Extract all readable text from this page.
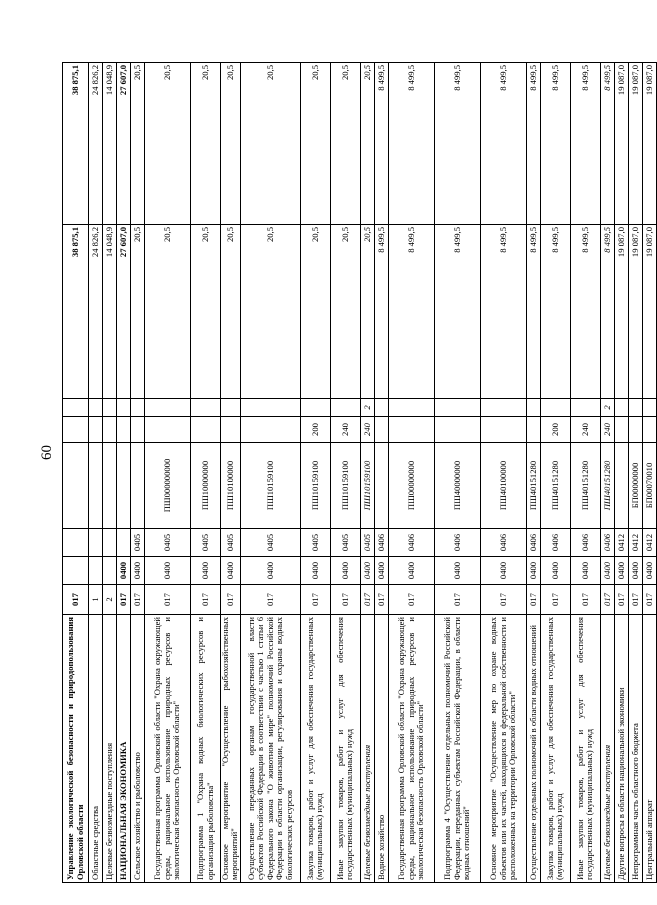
60
Управление экологической безопасности и природопользования Орловской области	017						38 875,1	38 875,1
Областные средства	1						24 826,2	24 826,2
Целевые безвозмездные поступления	2						14 048,9	14 048,9
НАЦИОНАЛЬНАЯ ЭКОНОМИКА	017	0400					27 607,0	27 607,0
Сельское хозяйство и рыболовство	017	0400	0405				20,5	20,5
Государственная программа Орловской области "Охрана окружающей среды, рациональное использование природных ресурсов и экологическая безопасность Орловской области"	017	0400	0405	ПШ000000000			20,5	20,5
Подпрограмма 1 "Охрана водных биологических ресурсов и организация рыболовства"	017	0400	0405	ПШ10000000			20,5	20,5
Основное мероприятие "Осуществление рыбохозяйственных мероприятий"	017	0400	0405	ПШ10100000			20,5	20,5
Осуществление переданных органам государственной власти субъектов Российской Федерации в соответствии с частью 1 статьи 6 Федерального закона "О животном мире" полномочий Российской Федерации в области организации, регулирования и охраны водных биологических ресурсов	017	0400	0405	ПШ10159100			20,5	20,5
Закупка товаров, работ и услуг для обеспечения государственных (муниципальных) нужд	017	0400	0405	ПШ10159100	200		20,5	20,5
Иные закупки товаров, работ и услуг для обеспечения государственных (муниципальных) нужд	017	0400	0405	ПШ10159100	240		20,5	20,5
Целевые безвозмездные поступления	017	0400	0405	ПШ10159100	240	2	20,5	20,5
Водное хозяйство	017	0400	0406				8 499,5	8 499,5
Государственная программа Орловской области "Охрана окружающей среды, рациональное использование природных ресурсов и экологическая безопасность Орловской области"	017	0400	0406	ПШ00000000			8 499,5	8 499,5
Подпрограмма 4 "Осуществление отдельных полномочий Российской Федерации, переданных субъектам Российской Федерации, в области водных отношений"	017	0400	0406	ПШ40000000			8 499,5	8 499,5
Основное мероприятие "Осуществление мер по охране водных объектов или их частей, находящихся в федеральной собственности и расположенных на территории Орловской области"	017	0400	0406	ПШ40100000			8 499,5	8 499,5
Осуществление отдельных полномочий в области водных отношений	017	0400	0406	ПШ40151280			8 499,5	8 499,5
Закупка товаров, работ и услуг для обеспечения государственных (муниципальных) нужд	017	0400	0406	ПШ40151280	200		8 499,5	8 499,5
Иные закупки товаров, работ и услуг для обеспечения государственных (муниципальных) нужд	017	0400	0406	ПШ40151280	240		8 499,5	8 499,5
Целевые безвозмездные поступления	017	0400	0406	ПШ40151280	240	2	8 499,5	8 499,5
Другие вопросы в области национальной экономики	017	0400	0412				19 087,0	19 087,0
Непрограммная часть областного бюджета	017	0400	0412	БП00000000			19 087,0	19 087,0
Центральный аппарат	017	0400	0412	БП00070010			19 087,0	19 087,0
